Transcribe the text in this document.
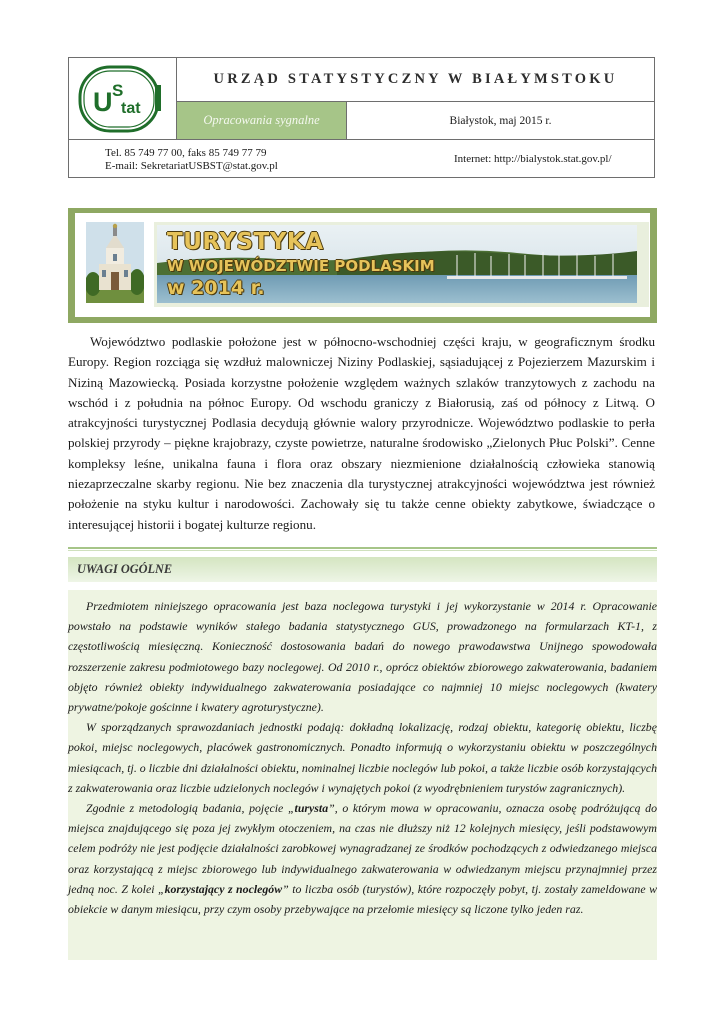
U S
tat
URZĄD STATYSTYCZNY W BIAŁYMSTOKU
Opracowania sygnalne	Białystok, maj 2015 r.
Tel. 85 749 77 00, faks 85 749 77 79
E-mail: SekretariatUSBST@stat.gov.pl
Internet: http://bialystok.stat.gov.pl/
TURYSTYKA
W WOJEWÓDZTWIE PODLASKIM
w 2014 r.

Województwo podlaskie położone jest w północno-wschodniej części kraju, w geograficznym środku Europy. Region rozciąga się wzdłuż malowniczej Niziny Podlaskiej, sąsiadującej z Pojezierzem Mazurskim i Niziną Mazowiecką. Posiada korzystne położenie względem ważnych szlaków tranzytowych z zachodu na wschód i z południa na północ Europy. Od wschodu graniczy z Białorusią, zaś od północy z Litwą. O atrakcyjności turystycznej Podlasia decydują głównie walory przyrodnicze. Województwo podlaskie to perła polskiej przyrody – piękne krajobrazy, czyste powietrze, naturalne środowisko „Zielonych Płuc Polski”. Cenne kompleksy leśne, unikalna fauna i flora oraz obszary niezmienione działalnością człowieka stanowią niezaprzeczalne skarby regionu. Nie bez znaczenia dla turystycznej atrakcyjności województwa jest również położenie na styku kultur i narodowości. Zachowały się tu także cenne obiekty zabytkowe, świadczące o interesującej historii i bogatej kulturze regionu.

UWAGI OGÓLNE

Przedmiotem niniejszego opracowania jest baza noclegowa turystyki i jej wykorzystanie w 2014 r. Opracowanie powstało na podstawie wyników stałego badania statystycznego GUS, prowadzonego na formularzach KT-1, z częstotliwością miesięczną. Konieczność dostosowania badań do nowego prawodawstwa Unijnego spowodowała rozszerzenie zakresu podmiotowego bazy noclegowej. Od 2010 r., oprócz obiektów zbiorowego zakwaterowania, badaniem objęto również obiekty indywidualnego zakwaterowania posiadające co najmniej 10 miejsc noclegowych (kwatery prywatne/pokoje gościnne i kwatery agroturystyczne).

W sporządzanych sprawozdaniach jednostki podają: dokładną lokalizację, rodzaj obiektu, kategorię obiektu, liczbę pokoi, miejsc noclegowych, placówek gastronomicznych. Ponadto informują o wykorzystaniu obiektu w poszczególnych miesiącach, tj. o liczbie dni działalności obiektu, nominalnej liczbie noclegów lub pokoi, a także liczbie osób korzystających z zakwaterowania oraz liczbie udzielonych noclegów i wynajętych pokoi (z wyodrębnieniem turystów zagranicznych).

Zgodnie z metodologią badania, pojęcie „turysta”, o którym mowa w opracowaniu, oznacza osobę podróżującą do miejsca znajdującego się poza jej zwykłym otoczeniem, na czas nie dłuższy niż 12 kolejnych miesięcy, jeśli podstawowym celem podróży nie jest podjęcie działalności zarobkowej wynagradzanej ze środków pochodzących z odwiedzanego miejsca oraz korzystającą z miejsc zbiorowego lub indywidualnego zakwaterowania w odwiedzanym miejscu przynajmniej przez jedną noc. Z kolei „korzystający z noclegów” to liczba osób (turystów), które rozpoczęły pobyt, tj. zostały zameldowane w obiekcie w danym miesiącu, przy czym osoby przebywające na przełomie miesięcy są liczone tylko jeden raz.
